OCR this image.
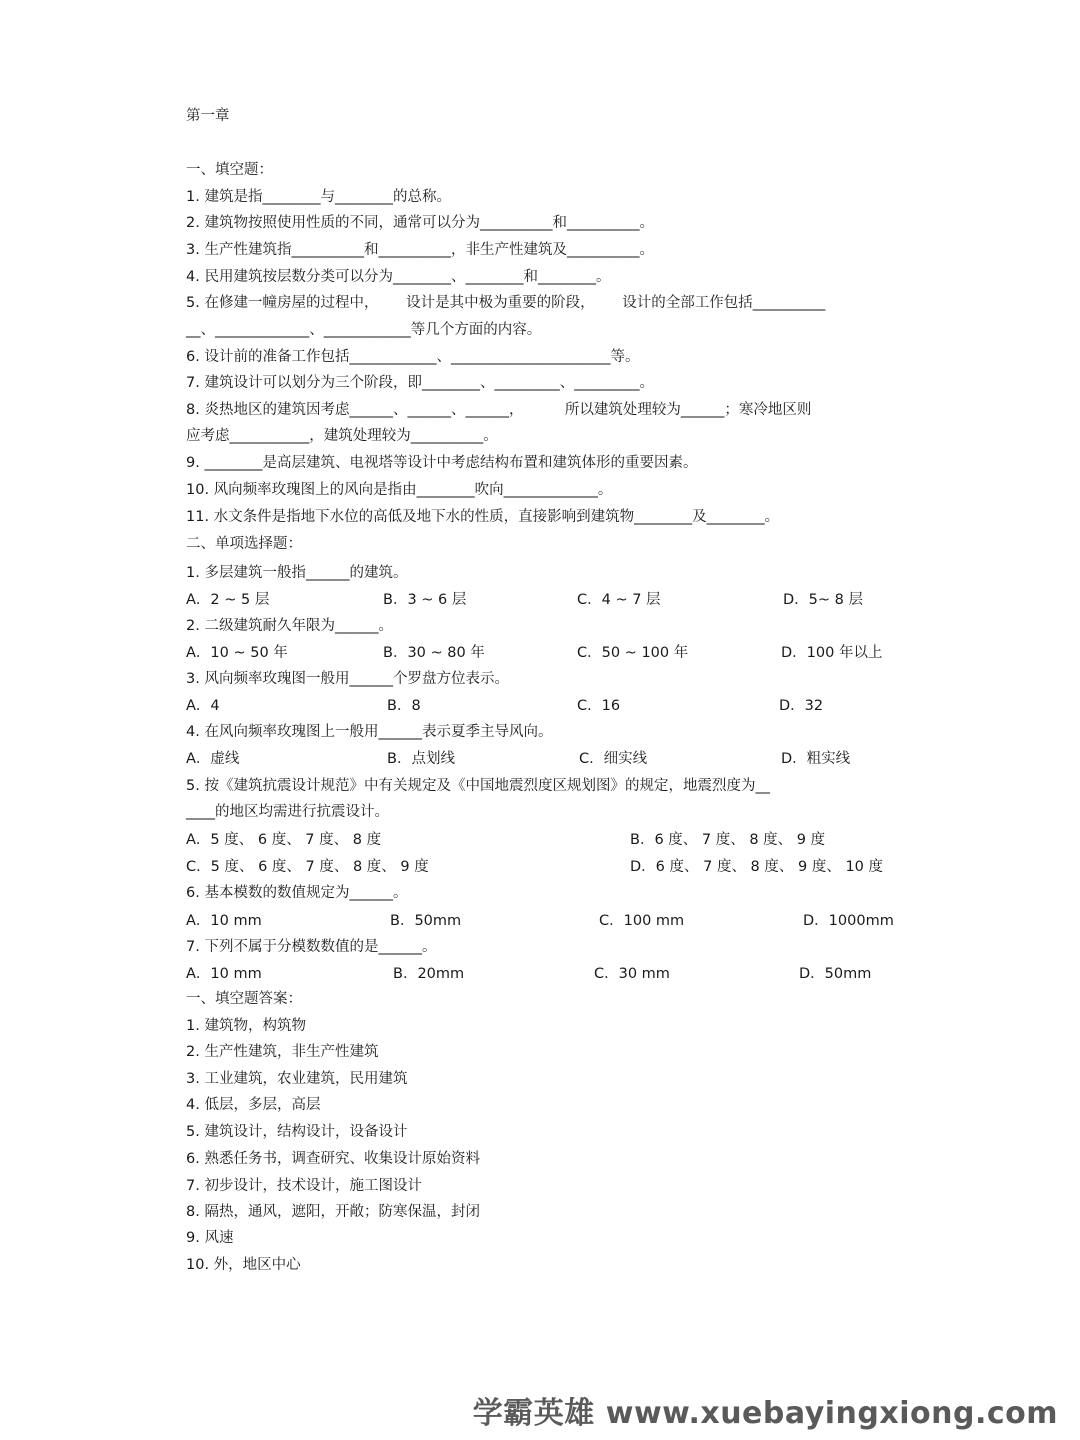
第一章
一、填空题：
1. 建筑是指________与________的总称。
2. 建筑物按照使用性质的不同，通常可以分为__________和__________。
3. 生产性建筑指__________和__________，非生产性建筑及__________。
4. 民用建筑按层数分类可以分为________、________和________。
5. 在修建一幢房屋的过程中，      设计是其中极为重要的阶段，      设计的全部工作包括__________
__、_____________、____________等几个方面的内容。
6. 设计前的准备工作包括____________、______________________等。
7. 建筑设计可以划分为三个阶段，即________、_________、_________。
8. 炎热地区的建筑因考虑______、______、______，         所以建筑处理较为______；寒冷地区则
应考虑___________，建筑处理较为__________。
9. ________是高层建筑、电视塔等设计中考虑结构布置和建筑体形的重要因素。
10. 风向频率玫瑰图上的风向是指由________吹向_____________。
11. 水文条件是指地下水位的高低及地下水的性质，直接影响到建筑物________及________。
二、单项选择题：
1. 多层建筑一般指______的建筑。
A．2 ~ 5 层	B．3 ~ 6 层	C．4 ~ 7 层	D．5~ 8 层
2. 二级建筑耐久年限为______。
A．10 ~ 50 年	B．30 ~ 80 年	C．50 ~ 100 年	D．100 年以上
3. 风向频率玫瑰图一般用______个罗盘方位表示。
A．4	B．8	C．16	D．32
4. 在风向频率玫瑰图上一般用______表示夏季主导风向。
A．虚线	B．点划线	C．细实线	D．粗实线
5. 按《建筑抗震设计规范》中有关规定及《中国地震烈度区规划图》的规定，地震烈度为__
____的地区均需进行抗震设计。
A．5 度、 6 度、 7 度、 8 度	B．6 度、 7 度、 8 度、 9 度
C．5 度、 6 度、 7 度、 8 度、 9 度	D．6 度、 7 度、 8 度、 9 度、 10 度
6. 基本模数的数值规定为______。
A．10 mm	B．50mm	C．100 mm	D．1000mm
7. 下列不属于分模数数值的是______。
A．10 mm	B．20mm	C．30 mm	D．50mm
一、填空题答案：
1. 建筑物，构筑物
2. 生产性建筑，非生产性建筑
3. 工业建筑，农业建筑，民用建筑
4. 低层，多层，高层
5. 建筑设计，结构设计，设备设计
6. 熟悉任务书，调查研究、收集设计原始资料
7. 初步设计，技术设计，施工图设计
8. 隔热，通风，遮阳，开敞；防寒保温，封闭
9. 风速
10. 外，地区中心
学霸英雄 www.xuebayingxiong.com
